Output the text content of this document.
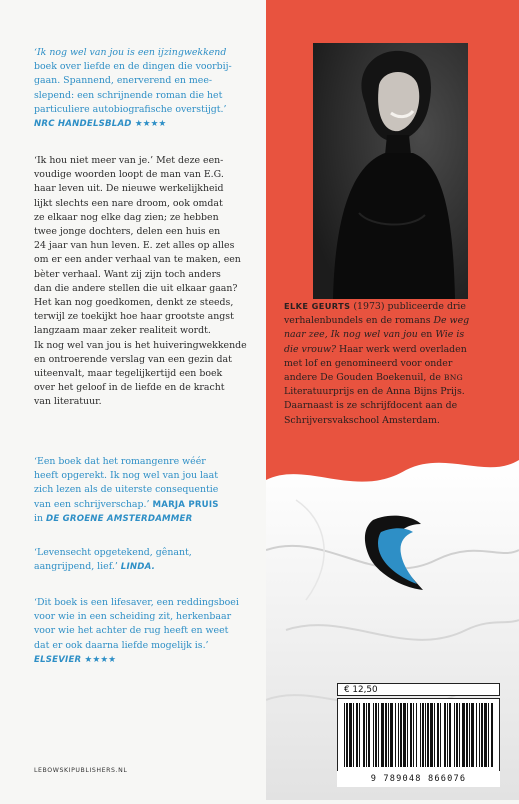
‘Ik nog wel van jou is een ijzingwekkend
boek over liefde en de dingen die voorbij-
gaan. Spannend, enerverend en mee-
slepend: een schrijnende roman die het
particuliere autobiografische overstijgt.’
NRC HANDELSBLAD ★★★★
‘Ik hou niet meer van je.’ Met deze een-
voudige woorden loopt de man van E.G.
haar leven uit. De nieuwe werkelijkheid
lijkt slechts een nare droom, ook omdat
ze elkaar nog elke dag zien; ze hebben
twee jonge dochters, delen een huis en
24 jaar van hun leven. E. zet alles op alles
om er een ander verhaal van te maken, een
bèter verhaal. Want zij zijn toch anders
dan die andere stellen die uit elkaar gaan?
Het kan nog goedkomen, denkt ze steeds,
terwijl ze toekijkt hoe haar grootste angst
langzaam maar zeker realiteit wordt.
Ik nog wel van jou is het huiveringwekkende
en ontroerende verslag van een gezin dat
uiteenvalt, maar tegelijkertijd een boek
over het geloof in de liefde en de kracht
van literatuur.
‘Een boek dat het romangenre wéér
heeft opgerekt. Ik nog wel van jou laat
zich lezen als de uiterste consequentie
van een schrijverschap.’ MARJA PRUIS
in DE GROENE AMSTERDAMMER
‘Levensecht opgetekend, gênant,
aangrijpend, lief.’ LINDA.
‘Dit boek is een lifesaver, een reddingsboei
voor wie in een scheiding zit, herkenbaar
voor wie het achter de rug heeft en weet
dat er ook daarna liefde mogelijk is.’
ELSEVIER ★★★★
LEBOWSKIPUBLISHERS.NL
ELKE GEURTS (1973) publiceerde drie
verhalenbundels en de romans De weg
naar zee, Ik nog wel van jou en Wie is
die vrouw? Haar werk werd overladen
met lof en genomineerd voor onder
andere De Gouden Boekenuil, de BNG
Literatuurprijs en de Anna Bijns Prijs.
Daarnaast is ze schrijfdocent aan de
Schrijversvakschool Amsterdam.
€ 12,50
9 789048 866076
